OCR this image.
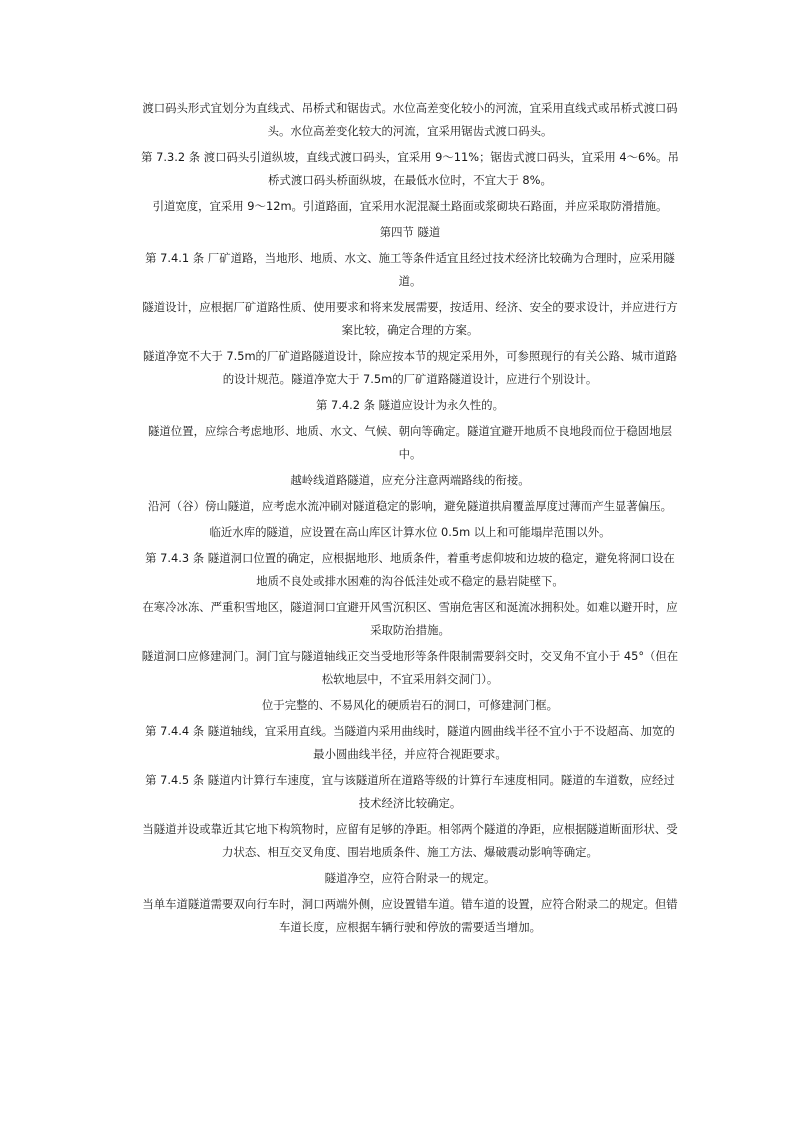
渡口码头形式宜划分为直线式、吊桥式和锯齿式。水位高差变化较小的河流，宜采用直线式或吊桥式渡口码头。水位高差变化较大的河流，宜采用锯齿式渡口码头。

第 7.3.2 条 渡口码头引道纵坡，直线式渡口码头，宜采用 9～11%；锯齿式渡口码头，宜采用 4～6%。吊桥式渡口码头桥面纵坡，在最低水位时，不宜大于 8%。

引道宽度，宜采用 9～12m。引道路面，宜采用水泥混凝土路面或浆砌块石路面，并应采取防滑措施。

第四节 隧道

第 7.4.1 条 厂矿道路，当地形、地质、水文、施工等条件适宜且经过技术经济比较确为合理时，应采用隧道。

隧道设计，应根据厂矿道路性质、使用要求和将来发展需要，按适用、经济、安全的要求设计，并应进行方案比较，确定合理的方案。

隧道净宽不大于 7.5m的厂矿道路隧道设计，除应按本节的规定采用外，可参照现行的有关公路、城市道路的设计规范。隧道净宽大于 7.5m的厂矿道路隧道设计，应进行个别设计。

第 7.4.2 条 隧道应设计为永久性的。

隧道位置，应综合考虑地形、地质、水文、气候、朝向等确定。隧道宜避开地质不良地段而位于稳固地层中。

越岭线道路隧道，应充分注意两端路线的衔接。

沿河（谷）傍山隧道，应考虑水流冲刷对隧道稳定的影响，避免隧道拱肩覆盖厚度过薄而产生显著偏压。

临近水库的隧道，应设置在高山库区计算水位 0.5m 以上和可能塌岸范围以外。

第 7.4.3 条 隧道洞口位置的确定，应根据地形、地质条件，着重考虑仰坡和边坡的稳定，避免将洞口设在地质不良处或排水困难的沟谷低洼处或不稳定的悬岩陡壁下。

在寒冷冰冻、严重积雪地区，隧道洞口宜避开风雪沉积区、雪崩危害区和涎流冰拥积处。如难以避开时，应采取防治措施。

隧道洞口应修建洞门。洞门宜与隧道轴线正交当受地形等条件限制需要斜交时，交叉角不宜小于 45°（但在松软地层中，不宜采用斜交洞门）。

位于完整的、不易风化的硬质岩石的洞口，可修建洞门框。

第 7.4.4 条 隧道轴线，宜采用直线。当隧道内采用曲线时，隧道内圆曲线半径不宜小于不设超高、加宽的最小圆曲线半径，并应符合视距要求。

第 7.4.5 条 隧道内计算行车速度，宜与该隧道所在道路等级的计算行车速度相同。隧道的车道数，应经过技术经济比较确定。

当隧道并设或靠近其它地下构筑物时，应留有足够的净距。相邻两个隧道的净距，应根据隧道断面形状、受力状态、相互交叉角度、围岩地质条件、施工方法、爆破震动影响等确定。

隧道净空，应符合附录一的规定。

当单车道隧道需要双向行车时，洞口两端外侧，应设置错车道。错车道的设置，应符合附录二的规定。但错车道长度，应根据车辆行驶和停放的需要适当增加。
